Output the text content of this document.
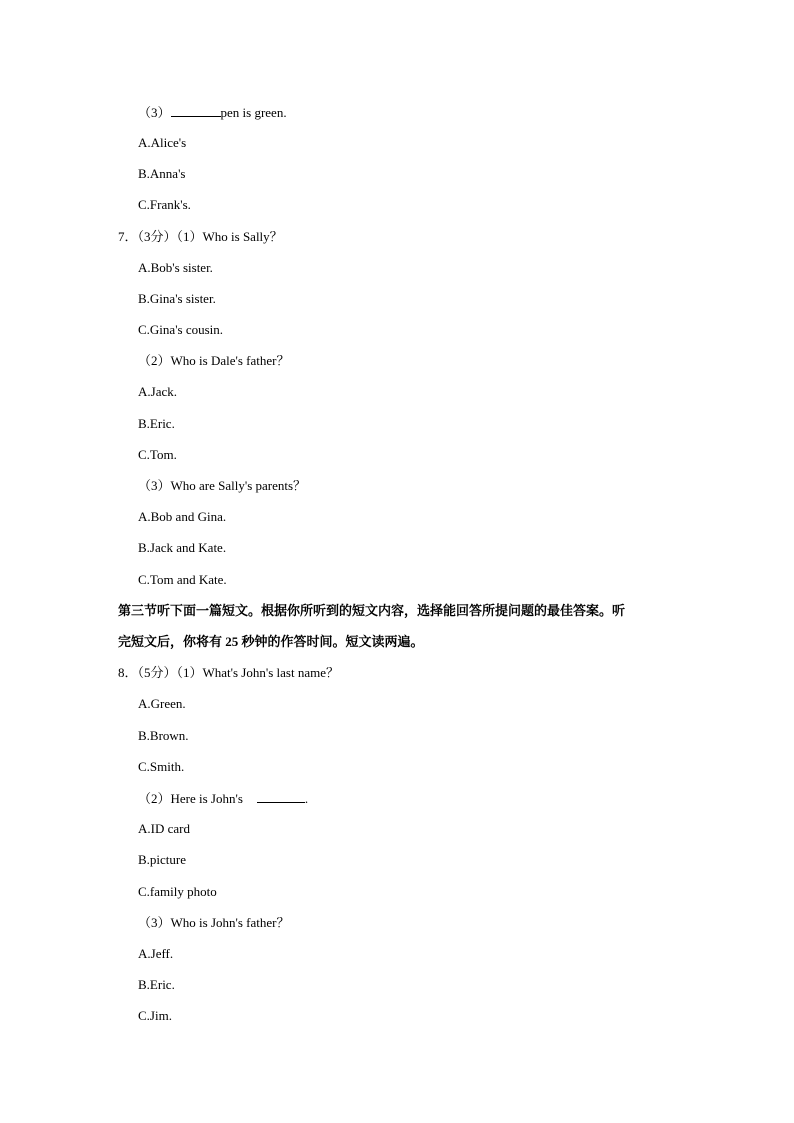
（3）	pen is green.
A.Alice's
B.Anna's
C.Frank's.
7．（3分）（1）Who is Sally？
A.Bob's sister.
B.Gina's sister.
C.Gina's cousin.
（2）Who is Dale's father？
A.Jack.
B.Eric.
C.Tom.
（3）Who are Sally's parents？
A.Bob and Gina.
B.Jack and Kate.
C.Tom and Kate.
第三节听下面一篇短文。根据你所听到的短文内容，选择能回答所提问题的最佳答案。听
完短文后，你将有 25 秒钟的作答时间。短文读两遍。
8．（5分）（1）What's John's last name？
A.Green.
B.Brown.
C.Smith.
（2）Here is John's	.
A.ID card
B.picture
C.family photo
（3）Who is John's father？
A.Jeff.
B.Eric.
C.Jim.
